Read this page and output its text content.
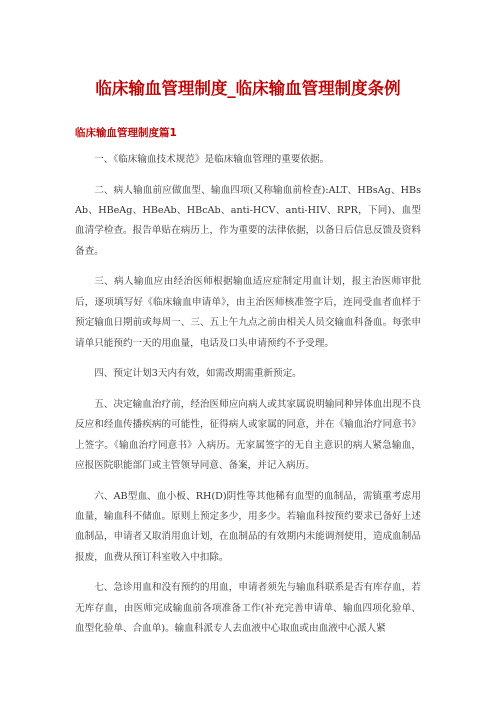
临床输血管理制度_临床输血管理制度条例
临床输血管理制度篇1

一、《临床输血技术规范》是临床输血管理的重要依据。

二、病人输血前应做血型、输血四项(又称输血前检查):ALT、HBsAg、HBsAb、HBeAg、HBeAb、HBcAb、anti-HCV、anti-HIV、RPR，下同)、血型血清学检查。报告单贴在病历上，作为重要的法律依据，以备日后信息反馈及资料备查。

三、病人输血应由经治医师根据输血适应症制定用血计划，报主治医师审批后，逐项填写好《临床输血申请单》，由主治医师核准签字后，连同受血者血样于预定输血日期前或每周一、三、五上午九点之前由相关人员交输血科备血。每张申请单只能预约一天的用血量，电话及口头申请预约不予受理。

四、预定计划3天内有效，如需改期需重新预定。

五、决定输血治疗前，经治医师应向病人或其家属说明输同种异体血出现不良反应和经血传播疾病的可能性，征得病人或家属的同意，并在《输血治疗同意书》上签字。《输血治疗同意书》入病历。无家属签字的无自主意识的病人紧急输血，应报医院职能部门或主管领导同意、备案，并记入病历。

六、AB型血、血小板、RH(D)阴性等其他稀有血型的血制品，需镇重考虑用血量，输血科不储血。原则上预定多少，用多少。若输血科按预约要求已备好上述血制品，申请者又取消用血计划，在血制品的有效期内未能调剂使用，造成血制品报废，血费从预订科室收入中扣除。

七、急诊用血和没有预约的用血，申请者须先与输血科联系是否有库存血，若无库存血，由医师完成输血前各项准备工作(补充完善申请单、输血四项化验单、血型化验单、合血单)。输血科派专人去血液中心取血或由血液中心派人紧
